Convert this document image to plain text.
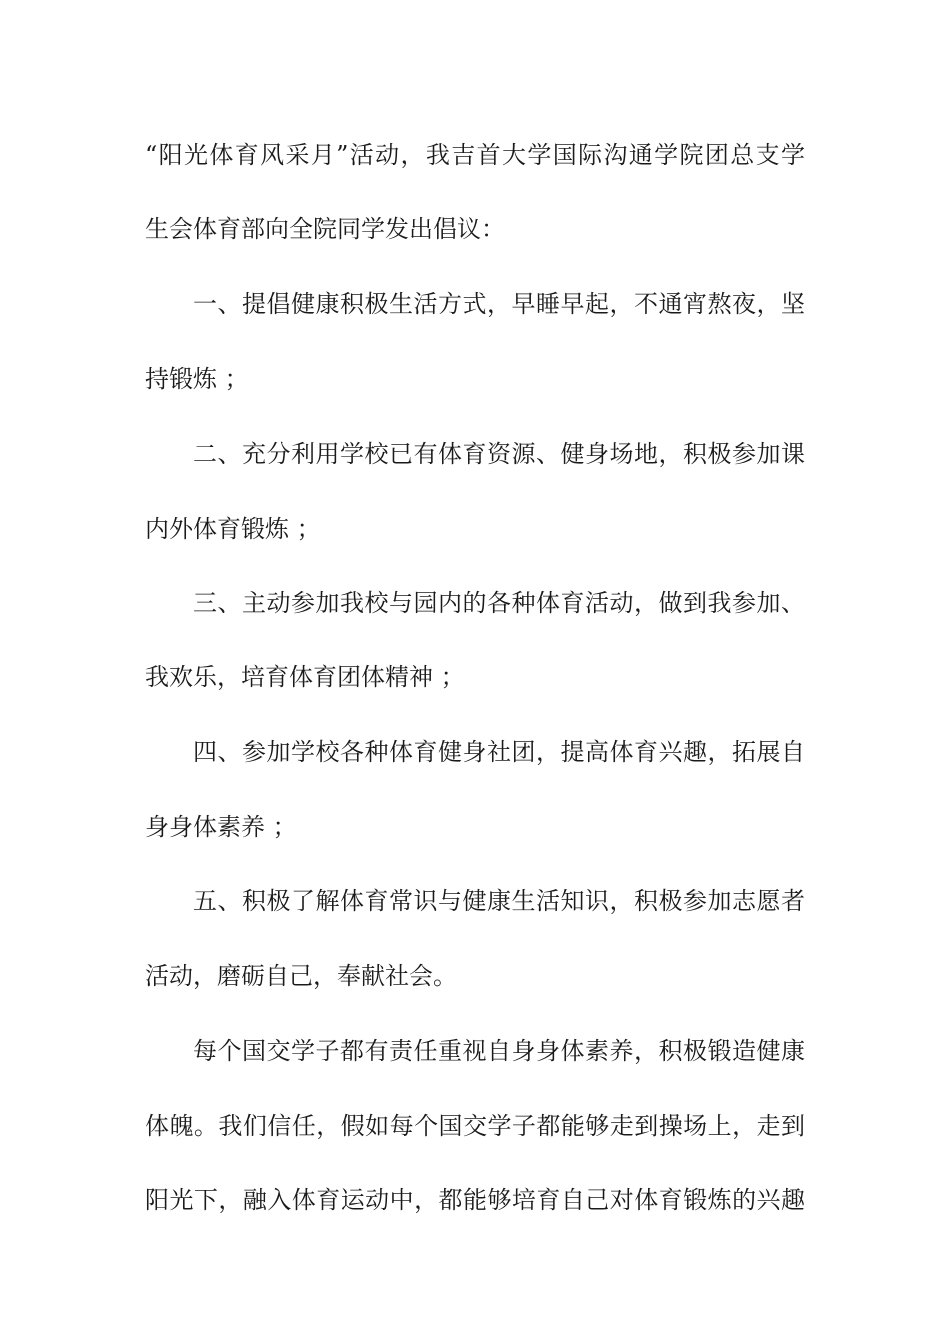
“阳光体育风采月”活动，我吉首大学国际沟通学院团总支学
生会体育部向全院同学发出倡议：
一、提倡健康积极生活方式，早睡早起，不通宵熬夜，坚
持锻炼 ；
二、充分利用学校已有体育资源、健身场地，积极参加课
内外体育锻炼 ；
三、主动参加我校与园内的各种体育活动，做到我参加、
我欢乐，培育体育团体精神 ；
四、参加学校各种体育健身社团，提高体育兴趣，拓展自
身身体素养 ；
五、积极了解体育常识与健康生活知识，积极参加志愿者
活动，磨砺自己，奉献社会。
每个国交学子都有责任重视自身身体素养，积极锻造健康
体魄。我们信任，假如每个国交学子都能够走到操场上，走到
阳光下，融入体育运动中，都能够培育自己对体育锻炼的兴趣
